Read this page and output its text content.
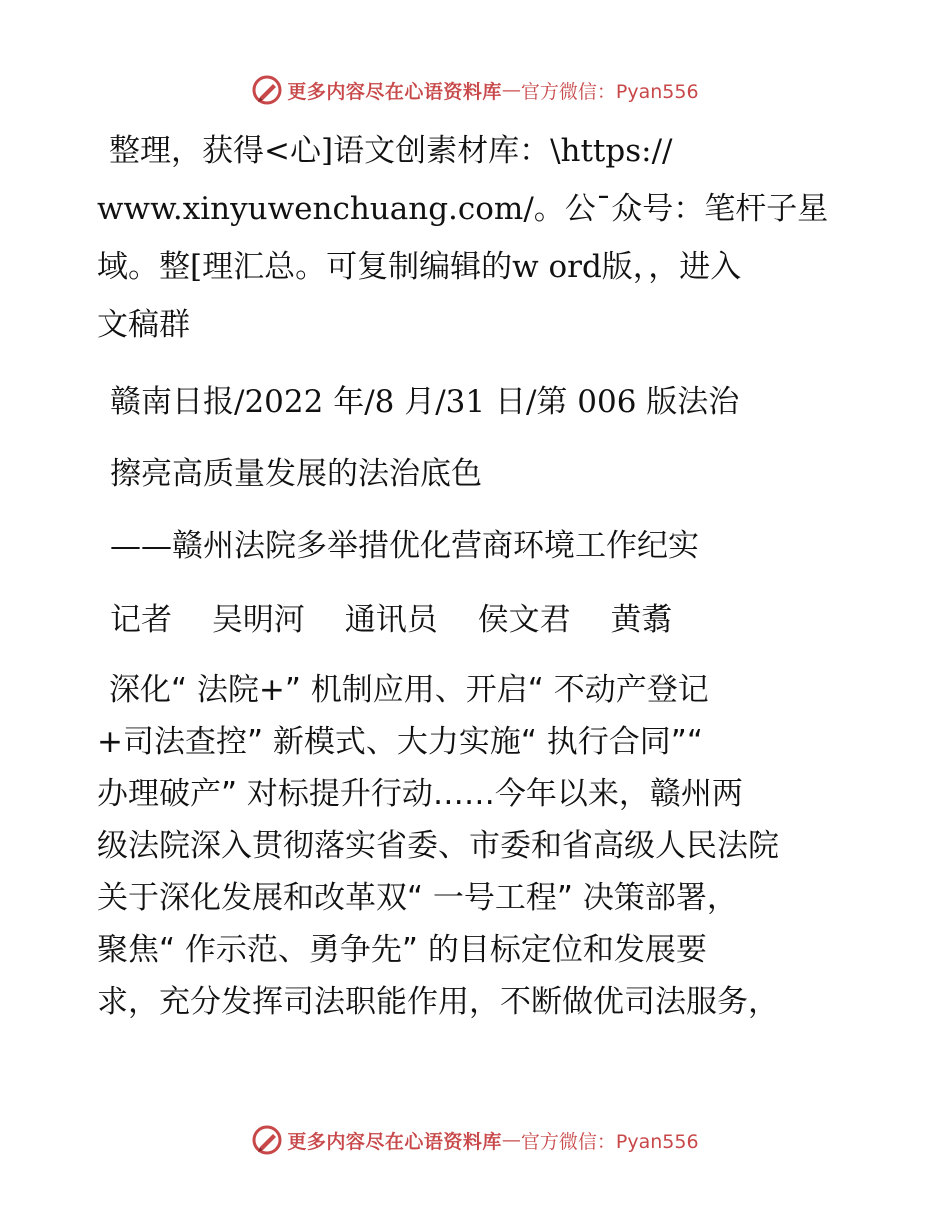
更多内容尽在心语资料库 — 官方微信：Pyan556
整理，获得<心]语文创素材库：\https://
www.xinyuwenchuang.com/。公¯众号：笔杆子星
域。整[理汇总。可复制编辑的w ord版，，进入
文稿群
赣南日报/2022 年/8 月/31 日/第 006 版法治
擦亮高质量发展的法治底色
——赣州法院多举措优化营商环境工作纪实
记者 吴明河 通讯员 侯文君 黄翥
深化“ 法院+” 机制应用、开启“ 不动产登记
+司法查控” 新模式、大力实施“ 执行合同”“
办理破产” 对标提升行动……今年以来，赣州两
级法院深入贯彻落实省委、市委和省高级人民法院
关于深化发展和改革双“ 一号工程” 决策部署，
聚焦“ 作示范、勇争先” 的目标定位和发展要
求，充分发挥司法职能作用，不断做优司法服务，
更多内容尽在心语资料库 — 官方微信：Pyan556
